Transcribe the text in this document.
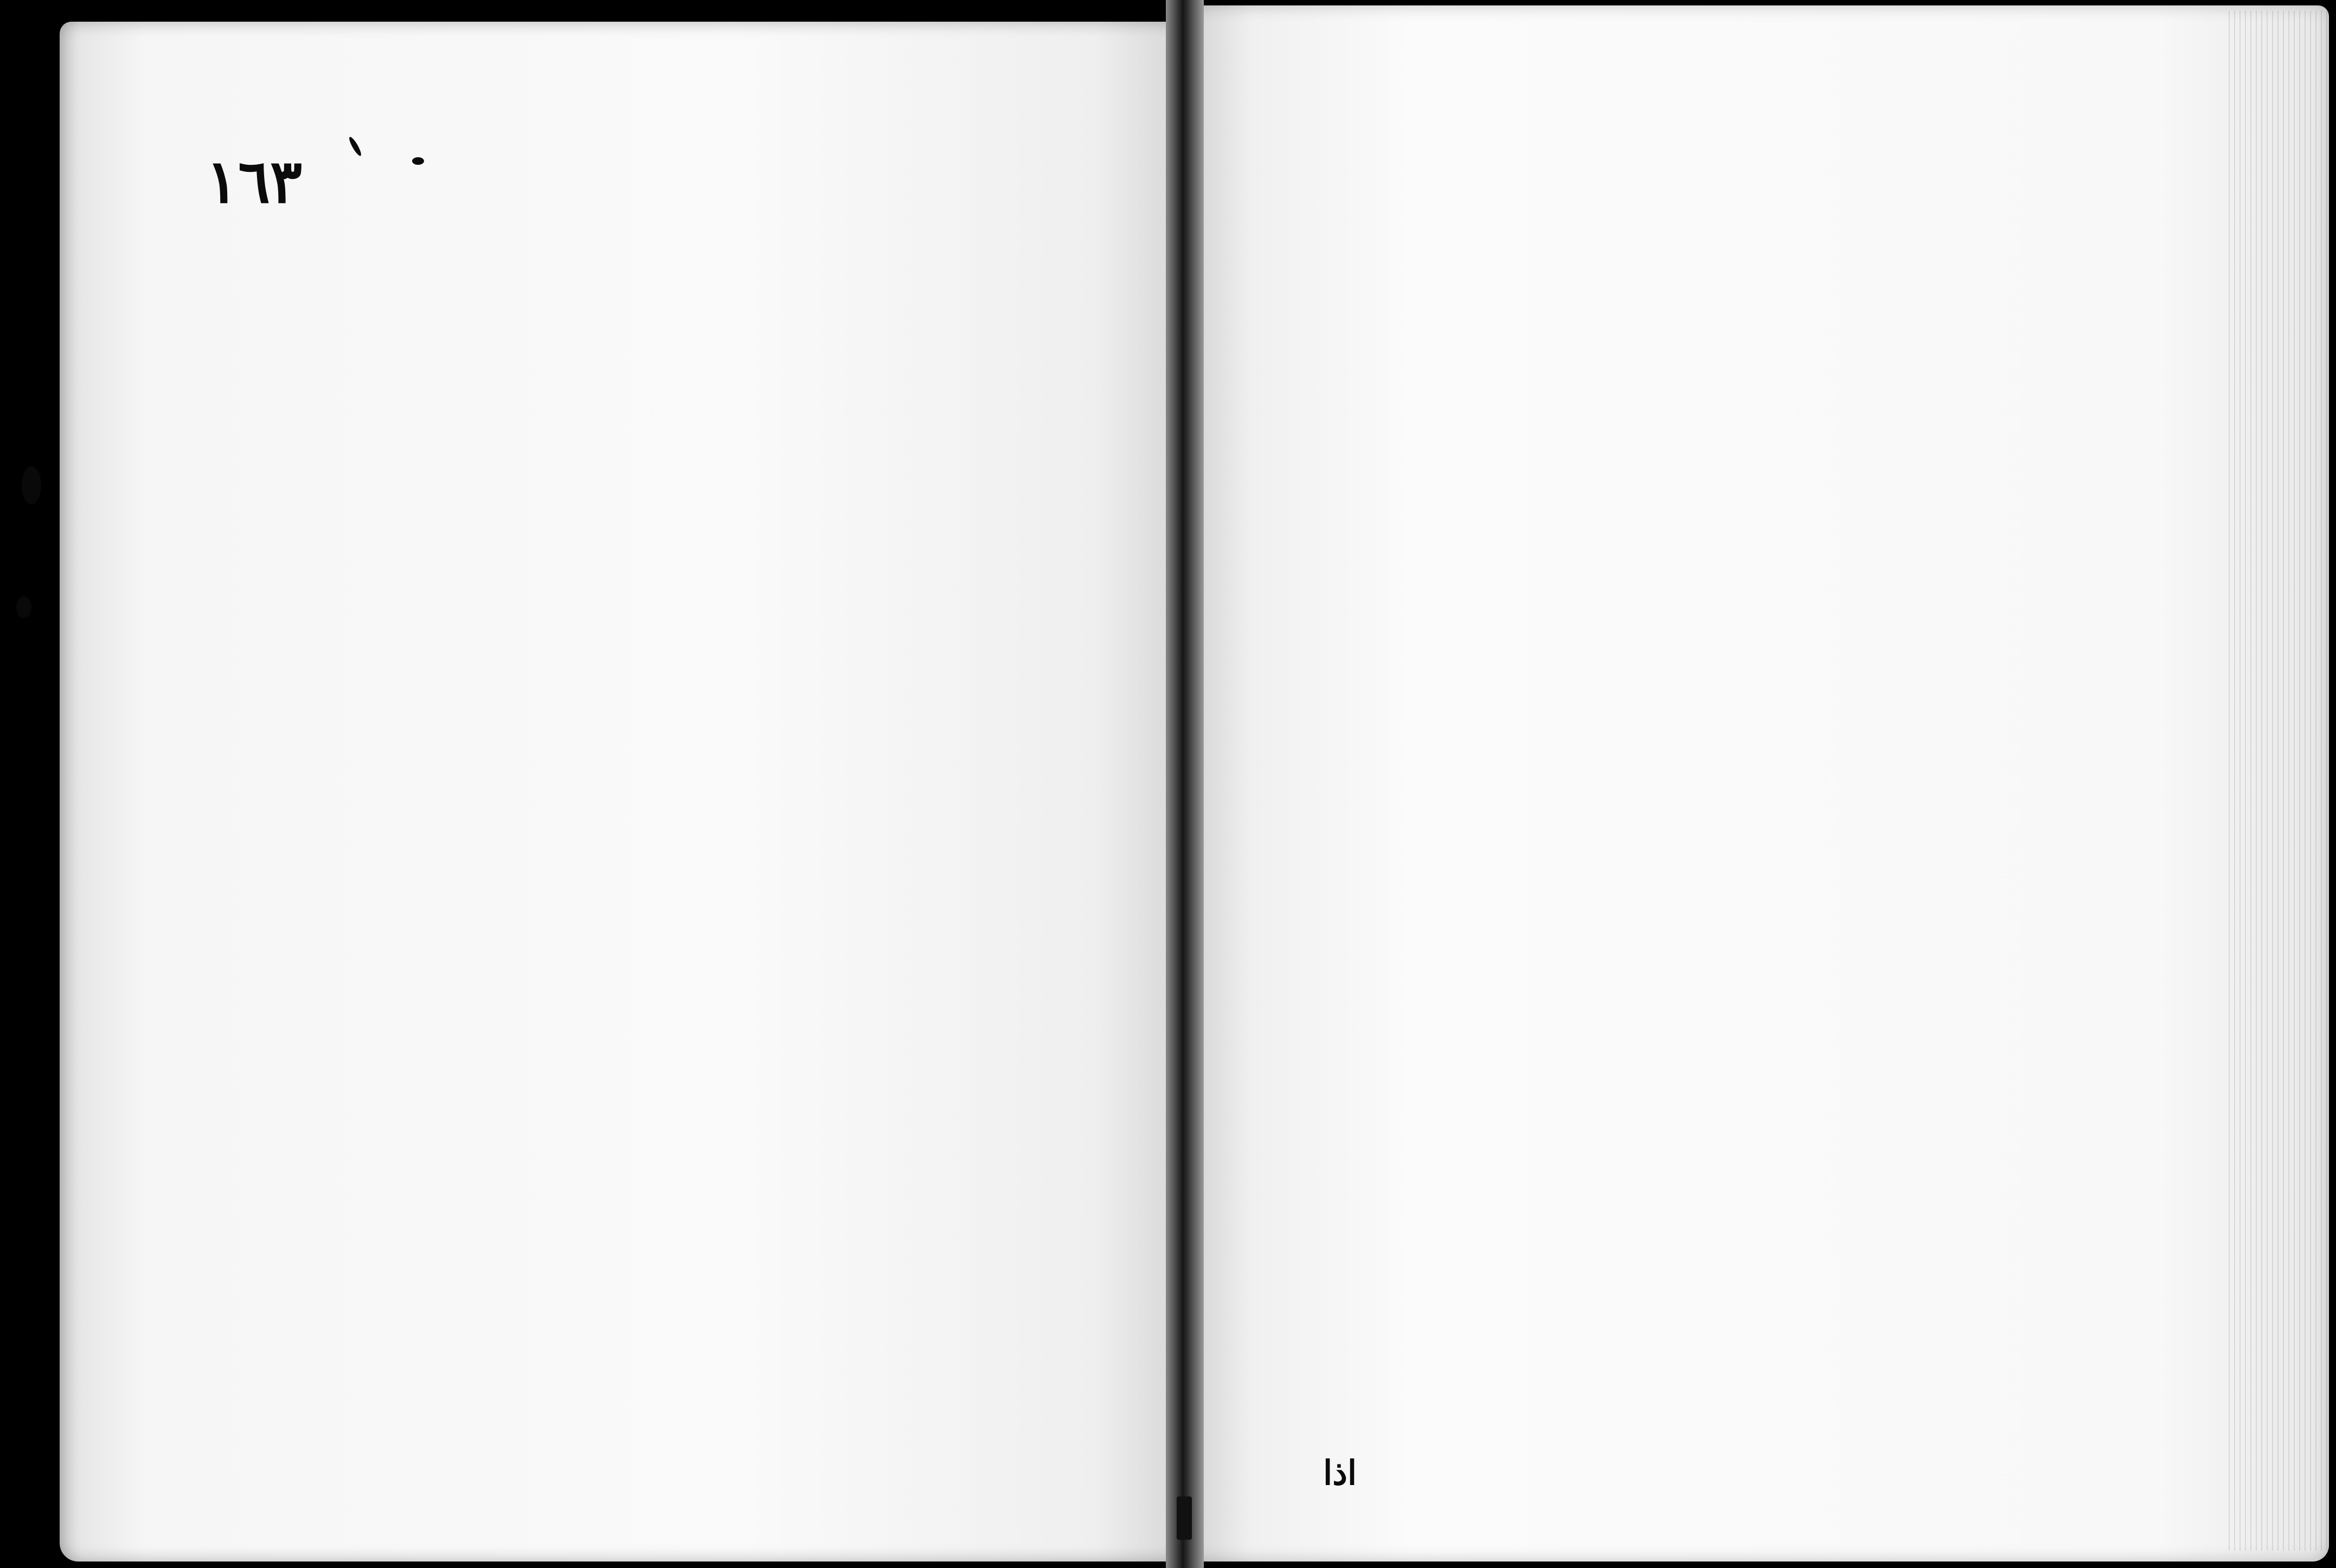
١٦٣
اذا
